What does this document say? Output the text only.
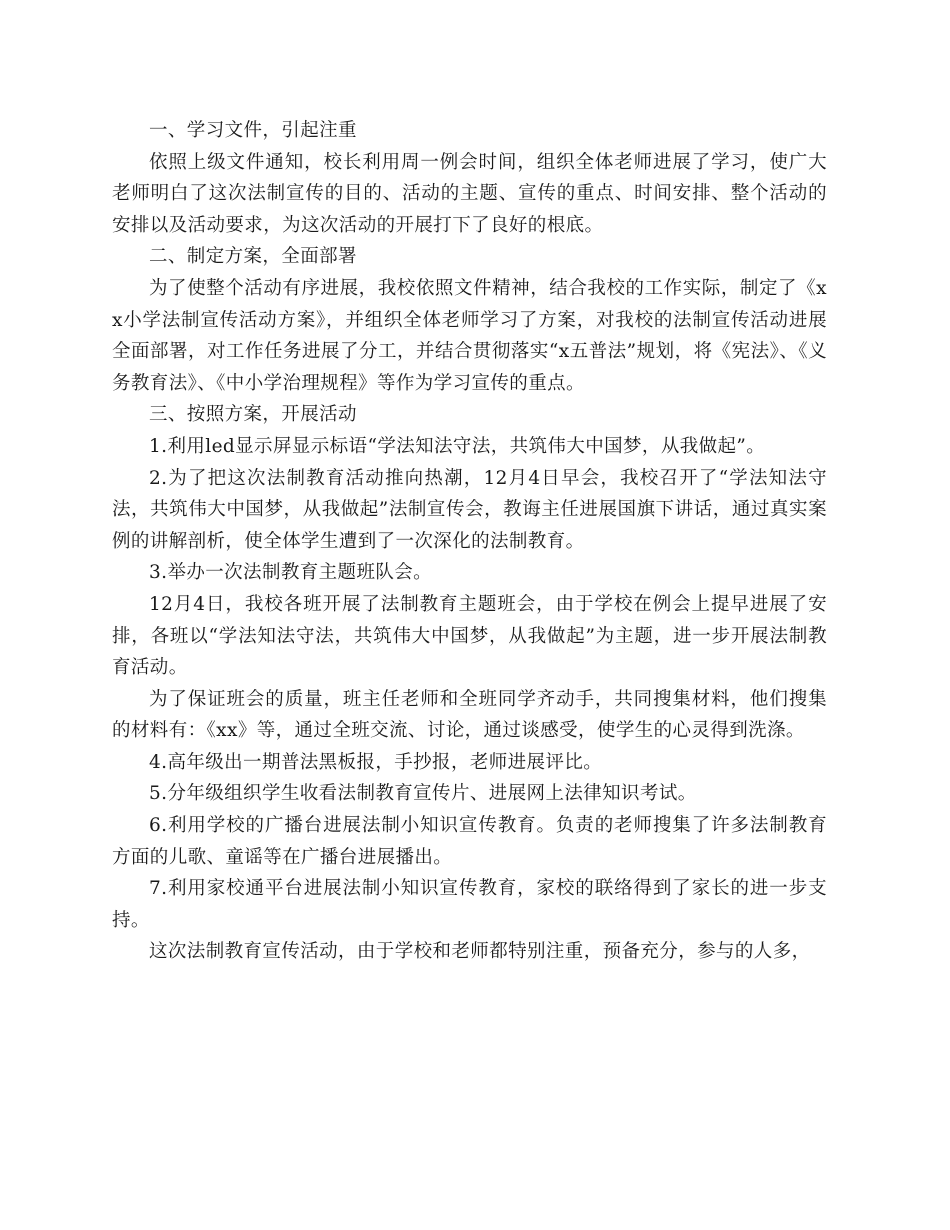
一、学习文件，引起注重

依照上级文件通知，校长利用周一例会时间，组织全体老师进展了学习，使广大老师明白了这次法制宣传的目的、活动的主题、宣传的重点、时间安排、整个活动的安排以及活动要求，为这次活动的开展打下了良好的根底。

二、制定方案，全面部署

为了使整个活动有序进展，我校依照文件精神，结合我校的工作实际，制定了《xx小学法制宣传活动方案》，并组织全体老师学习了方案，对我校的法制宣传活动进展全面部署，对工作任务进展了分工，并结合贯彻落实“x五普法”规划，将《宪法》、《义务教育法》、《中小学治理规程》等作为学习宣传的重点。

三、按照方案，开展活动

1.利用led显示屏显示标语“学法知法守法，共筑伟大中国梦，从我做起”。

2.为了把这次法制教育活动推向热潮，12月4日早会，我校召开了“学法知法守法，共筑伟大中国梦，从我做起”法制宣传会，教诲主任进展国旗下讲话，通过真实案例的讲解剖析，使全体学生遭到了一次深化的法制教育。

3.举办一次法制教育主题班队会。

12月4日，我校各班开展了法制教育主题班会，由于学校在例会上提早进展了安排，各班以“学法知法守法，共筑伟大中国梦，从我做起”为主题，进一步开展法制教育活动。

为了保证班会的质量，班主任老师和全班同学齐动手，共同搜集材料，他们搜集的材料有：《xx》等，通过全班交流、讨论，通过谈感受，使学生的心灵得到洗涤。

4.高年级出一期普法黑板报，手抄报，老师进展评比。

5.分年级组织学生收看法制教育宣传片、进展网上法律知识考试。

6.利用学校的广播台进展法制小知识宣传教育。负责的老师搜集了许多法制教育方面的儿歌、童谣等在广播台进展播出。

7.利用家校通平台进展法制小知识宣传教育，家校的联络得到了家长的进一步支持。

这次法制教育宣传活动，由于学校和老师都特别注重，预备充分，参与的人多，
